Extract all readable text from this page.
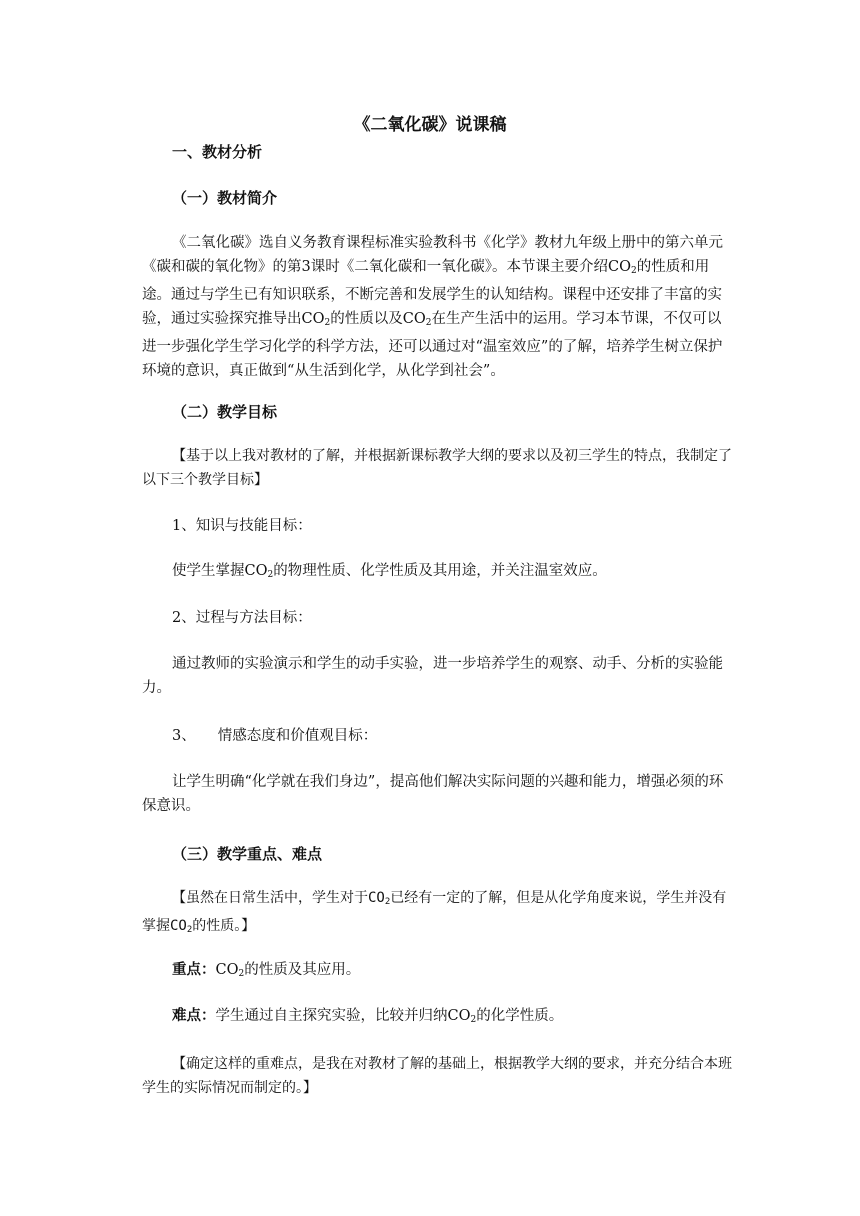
《二氧化碳》说课稿
一、教材分析
（一）教材简介
《二氧化碳》选自义务教育课程标准实验教科书《化学》教材九年级上册中的第六单元《碳和碳的氧化物》的第3课时《二氧化碳和一氧化碳》。本节课主要介绍$CO_2$的性质和用途。通过与学生已有知识联系，不断完善和发展学生的认知结构。课程中还安排了丰富的实验，通过实验探究推导出$CO_2$的性质以及$CO_2$在生产生活中的运用。学习本节课，不仅可以进一步强化学生学习化学的科学方法，还可以通过对“温室效应”的了解，培养学生树立保护环境的意识，真正做到“从生活到化学，从化学到社会”。
（二）教学目标
【基于以上我对教材的了解，并根据新课标教学大纲的要求以及初三学生的特点，我制定了以下三个教学目标】
1、知识与技能目标：
使学生掌握$CO_2$的物理性质、化学性质及其用途，并关注温室效应。
2、过程与方法目标：
通过教师的实验演示和学生的动手实验，进一步培养学生的观察、动手、分析的实验能力。
3、 情感态度和价值观目标：
让学生明确“化学就在我们身边”，提高他们解决实际问题的兴趣和能力，增强必须的环保意识。
（三）教学重点、难点
【虽然在日常生活中，学生对于$CO_2$已经有一定的了解，但是从化学角度来说，学生并没有掌握$CO_2$的性质。】
重点：$CO_2$的性质及其应用。
难点：学生通过自主探究实验，比较并归纳$CO_2$的化学性质。
【确定这样的重难点，是我在对教材了解的基础上，根据教学大纲的要求，并充分结合本班学生的实际情况而制定的。】
